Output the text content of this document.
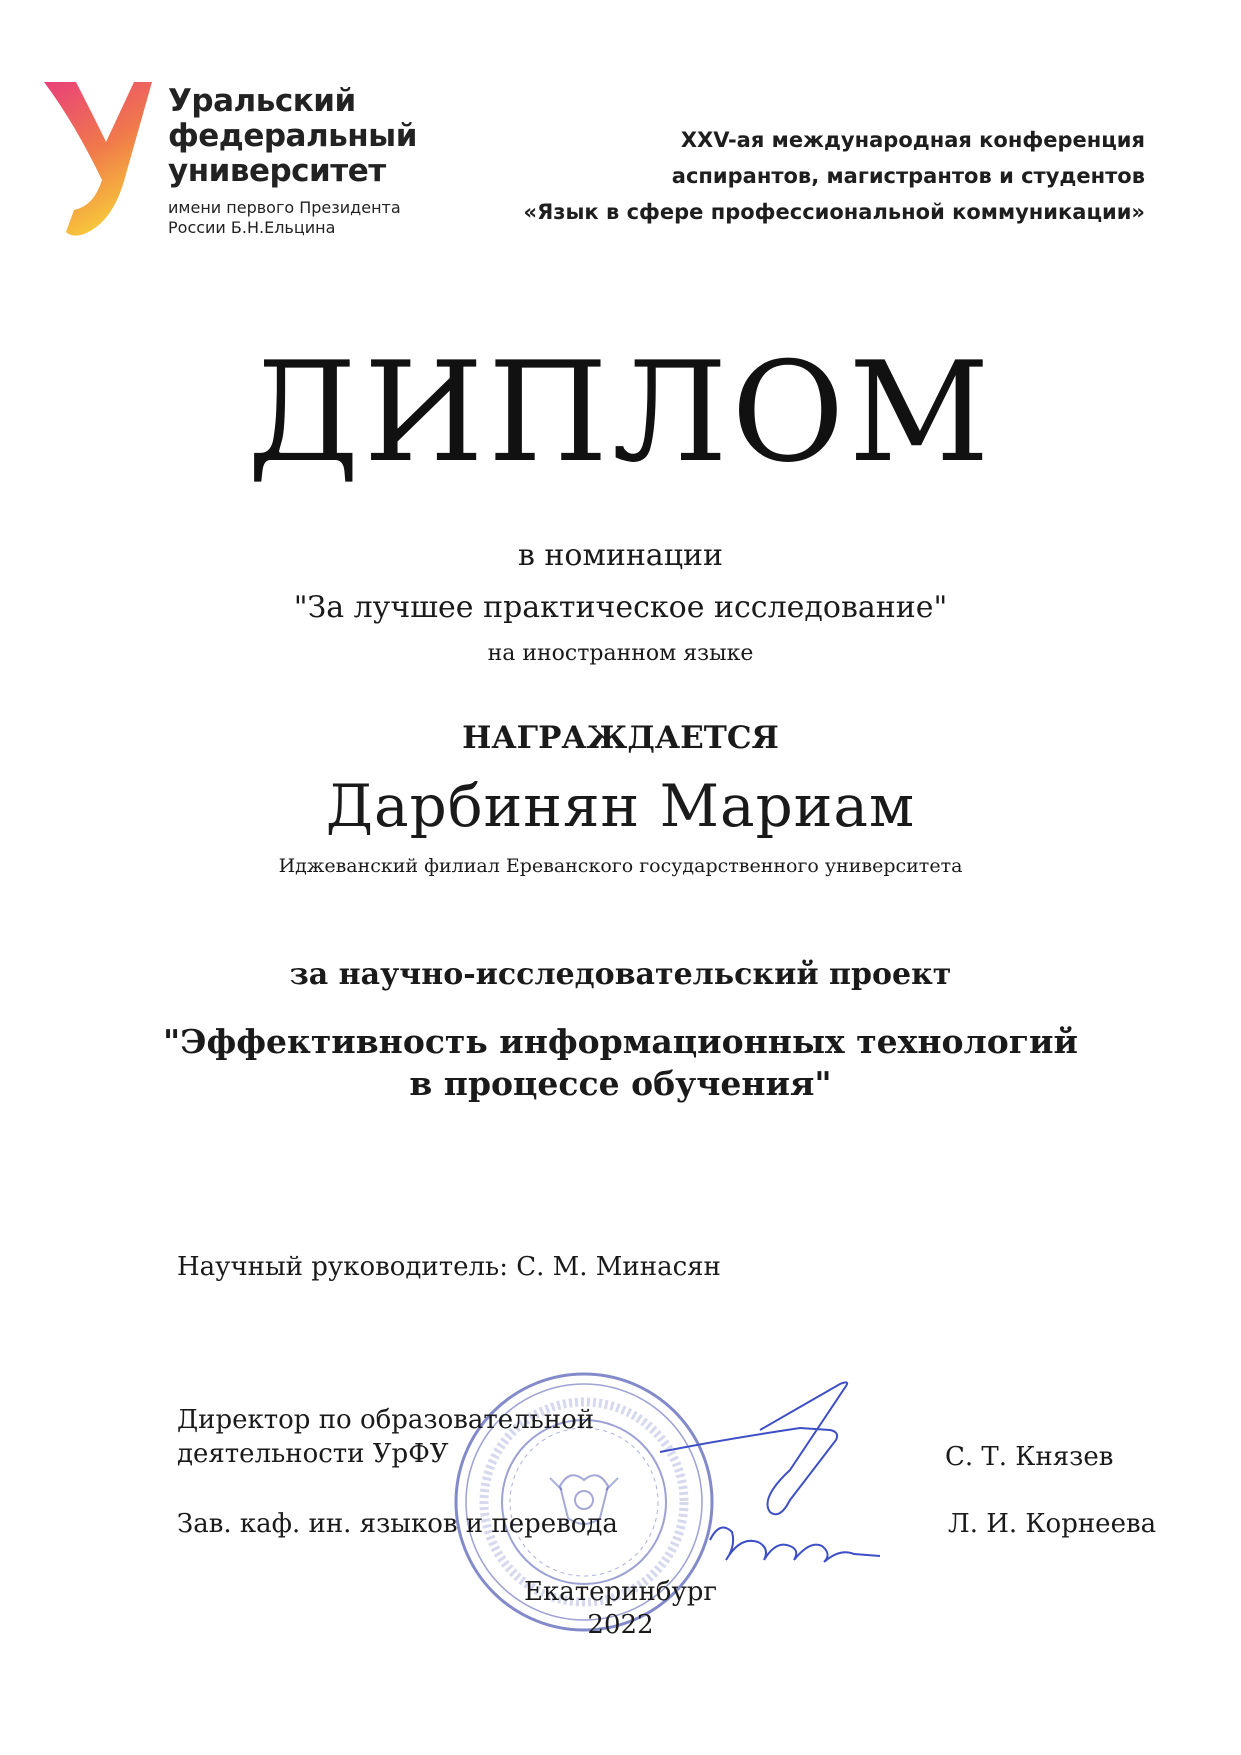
Уральский
федеральный
университет
имени первого Президента
России Б.Н.Ельцина
XXV-ая международная конференция
аспирантов, магистрантов и студентов
«Язык в сфере профессиональной коммуникации»
ДИПЛОМ
в номинации
"За лучшее практическое исследование"
на иностранном языке
НАГРАЖДАЕТСЯ
Дарбинян Мариам
Иджеванский филиал Ереванского государственного университета
за научно-исследовательский проект
"Эффективность информационных технологий
в процессе обучения"
Научный руководитель: С. М. Минасян
Директор по образовательной
деятельности УрФУ	С. Т. Князев
Зав. каф. ин. языков и перевода	Л. И. Корнеева
Екатеринбург
2022
